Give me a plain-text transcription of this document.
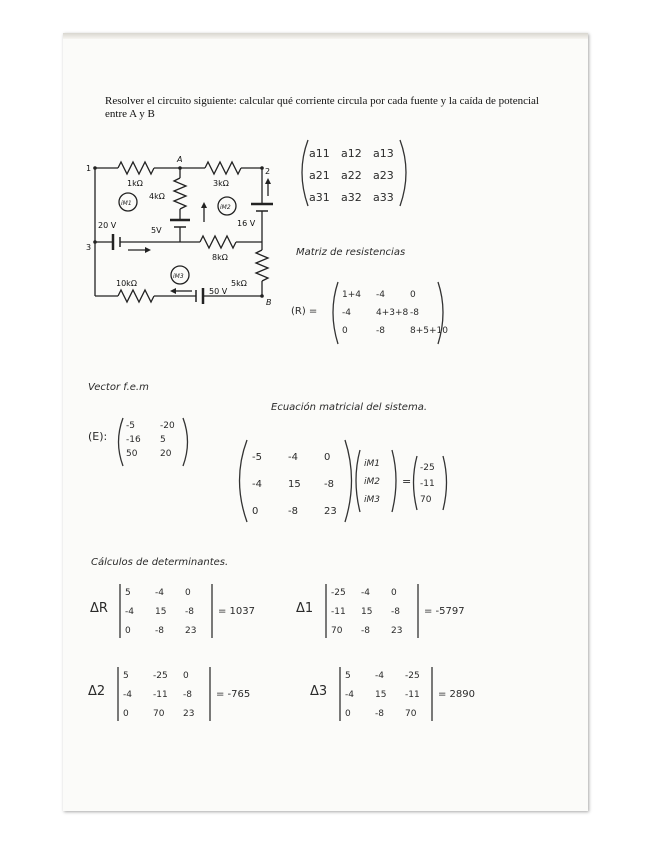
Resolver el circuito siguiente: calcular qué corriente circula por cada fuente y la caída de potencial
entre A y B
1	2
3
A
B
1kΩ	3kΩ
4kΩ
8kΩ
5kΩ
10kΩ
20 V
5V
16 V
50 V
iM1
iM2
iM3
a11 a12 a13
a21 a22 a23
a31 a32 a33
Matriz de resistencias
(R) =
1+4 -4	0
-4	4+3+8 -8
0	-8	8+5+10
Vector f.e.m
(E):
-5	-20
-16 5
50	20
Ecuación matricial del sistema.
-5	-4	0
-4	15 -8
0	-8	23
iM1
iM2
iM3
=
-25
-11
70
Cálculos de determinantes.
ΔR
5	-4 0
-4 15 -8
0	-8 23
= 1037	Δ1
-25 -4 0
-11 15 -8
70 -8 23
= -5797
Δ2
5	-25 0
-4 -11 -8
0	70 23
= -765	Δ3
5	-4 -25
-4 15 -11
0	-8 70
= 2890
